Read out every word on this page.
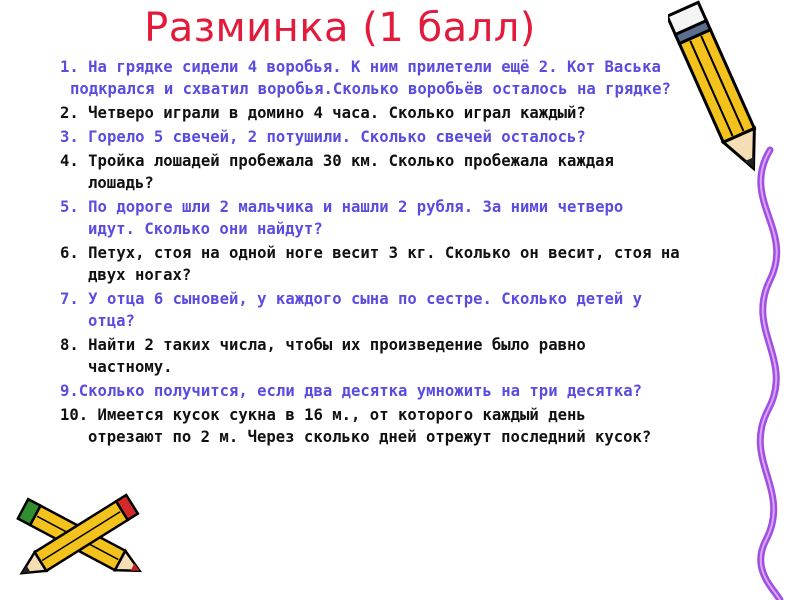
Разминка (1 балл)
1. На грядке сидели 4 воробья. К ним прилетели ещё 2. Кот Васька
подкрался и схватил воробья.Сколько воробьёв осталось на грядке?
2. Четверо играли в домино 4 часа. Сколько играл каждый?
3. Горело 5 свечей, 2 потушили. Сколько свечей осталось?
4. Тройка лошадей пробежала 30 км. Сколько пробежала каждая
лошадь?
5. По дороге шли 2 мальчика и нашли 2 рубля. За ними четверо
идут. Сколько они найдут?
6. Петух, стоя на одной ноге весит 3 кг. Сколько он весит, стоя на
двух ногах?
7. У отца 6 сыновей, у каждого сына по сестре. Сколько детей у
отца?
8. Найти 2 таких числа, чтобы их произведение было равно
частному.
9.Сколько получится, если два десятка умножить на три десятка?
10. Имеется кусок сукна в 16 м., от которого каждый день
отрезают по 2 м. Через сколько дней отрежут последний кусок?
